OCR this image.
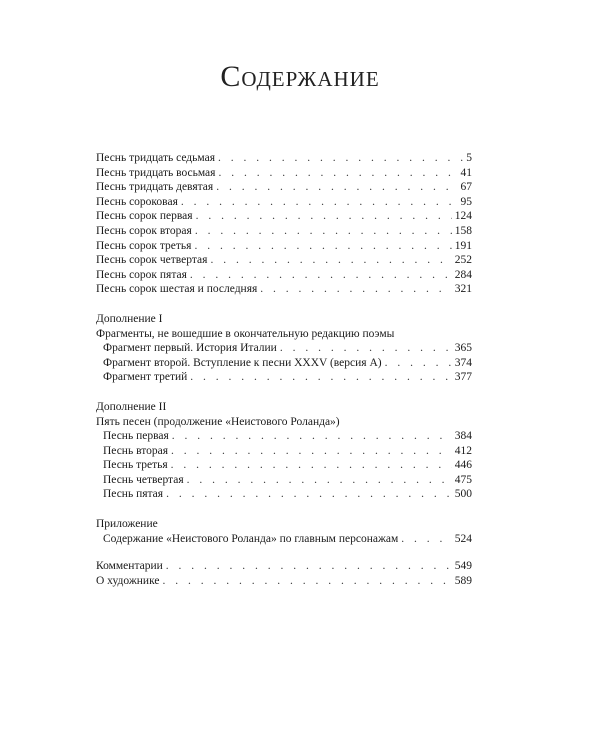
Содержание
Песнь тридцать седьмая . . .	5
Песнь тридцать восьмая . . .	41
Песнь тридцать девятая . . .	67
Песнь сороковая . . .	95
Песнь сорок первая . . .	124
Песнь сорок вторая . . .	158
Песнь сорок третья . . .	191
Песнь сорок четвертая . . .	252
Песнь сорок пятая . . .	284
Песнь сорок шестая и последняя . . .	321
Дополнение I
Фрагменты, не вошедшие в окончательную редакцию поэмы
Фрагмент первый. История Италии . . .	365
Фрагмент второй. Вступление к песни XXXV (версия А) . . .	374
Фрагмент третий . . .	377
Дополнение II
Пять песен (продолжение «Неистового Роланда»)
Песнь первая . . .	384
Песнь вторая . . .	412
Песнь третья . . .	446
Песнь четвертая . . .	475
Песнь пятая . . .	500
Приложение
Содержание «Неистового Роланда» по главным персонажам . . .	524
Комментарии . . .	549
О художнике . . .	589
